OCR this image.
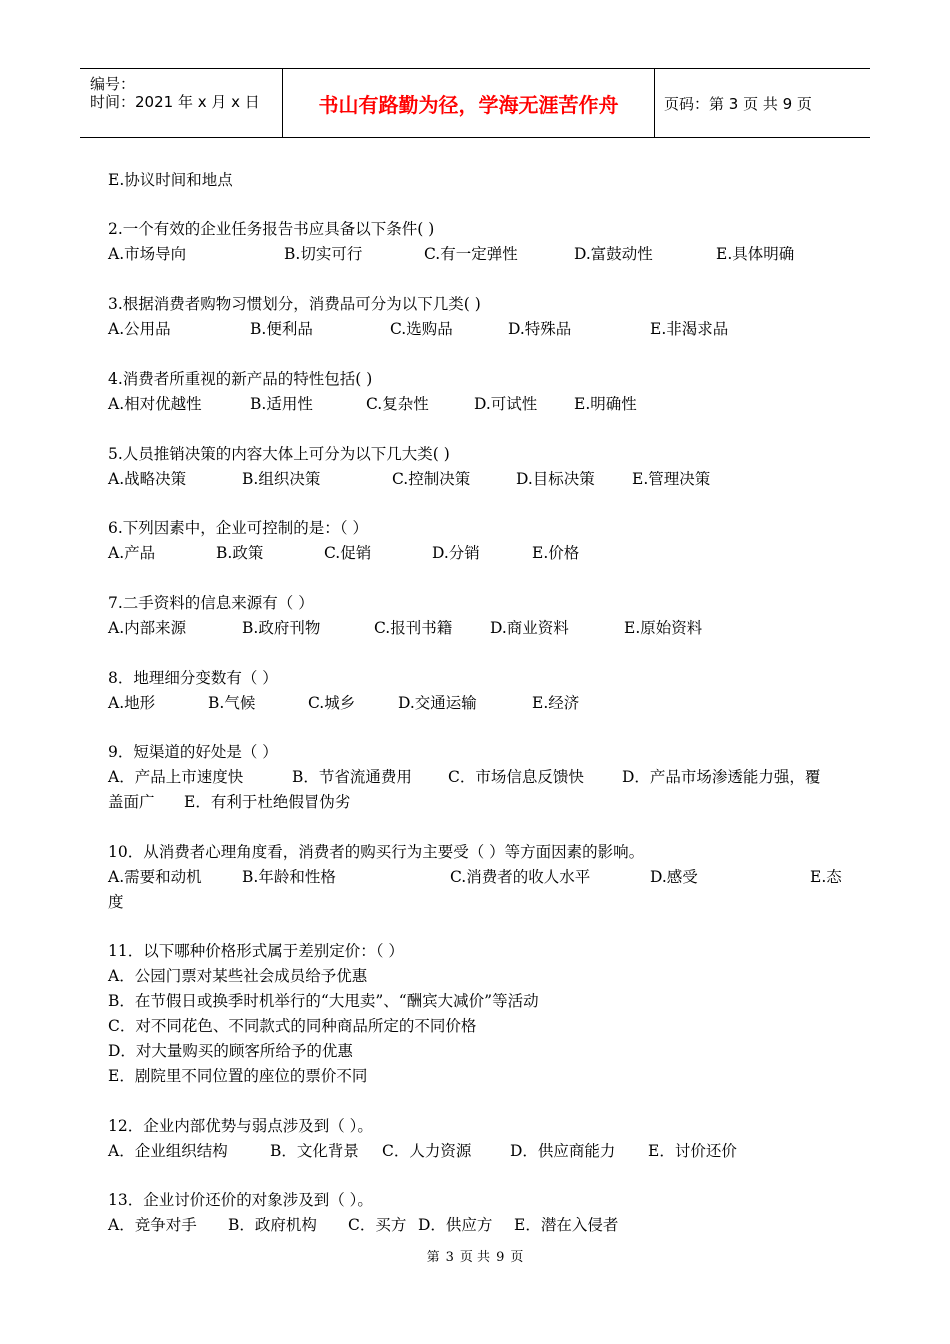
编号：
时间：2021 年 x 月 x 日	书山有路勤为径，学海无涯苦作舟	页码：第 3 页 共 9 页
E.协议时间和地点
2.一个有效的企业任务报告书应具备以下条件( )
A.市场导向	B.切实可行	C.有一定弹性	D.富鼓动性	E.具体明确
3.根据消费者购物习惯划分，消费品可分为以下几类( )
A.公用品	B.便利品	C.选购品	D.特殊品	E.非渴求品
4.消费者所重视的新产品的特性包括( )
A.相对优越性	B.适用性	C.复杂性	D.可试性 E.明确性
5.人员推销决策的内容大体上可分为以下几大类( )
A.战略决策	B.组织决策	C.控制决策	D.目标决策 E.管理决策
6.下列因素中，企业可控制的是：（ ）
A.产品	B.政策	C.促销	D.分销	E.价格
7.二手资料的信息来源有（ ）
A.内部来源	B.政府刊物	C.报刊书籍 D.商业资料	E.原始资料
8．地理细分变数有（ ）
A.地形	B.气候	C.城乡	D.交通运输	E.经济
9．短渠道的好处是（ ）
A．产品上市速度快	B．节省流通费用 C．市场信息反馈快 D．产品市场渗透能力强，覆
盖面广 E．有利于杜绝假冒伪劣
10．从消费者心理角度看，消费者的购买行为主要受（ ）等方面因素的影响。
A.需要和动机	B.年龄和性格	C.消费者的收人水平	D.感受	E.态
度
11．以下哪种价格形式属于差别定价：（ ）
A．公园门票对某些社会成员给予优惠
B．在节假日或换季时机举行的“大甩卖”、“酬宾大减价”等活动
C．对不同花色、不同款式的同种商品所定的不同价格
D．对大量购买的顾客所给予的优惠
E．剧院里不同位置的座位的票价不同
12．企业内部优势与弱点涉及到（ ）。
A．企业组织结构	B．文化背景 C．人力资源 D．供应商能力 E．讨价还价
13．企业讨价还价的对象涉及到（ ）。
A．竞争对手 B．政府机构 C．买方 D．供应方 E．潜在入侵者
第 3 页 共 9 页
